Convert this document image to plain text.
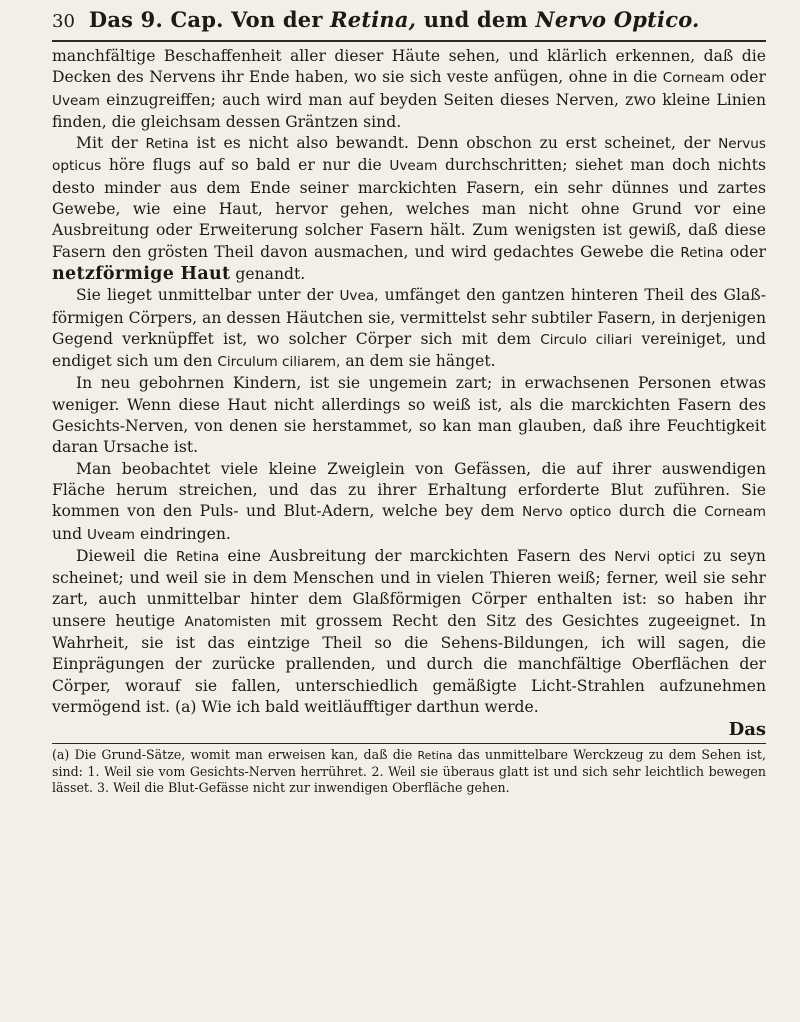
30 Das 9. Cap. Von der Retina, und dem Nervo Optico.

manchfältige Beschaffenheit aller dieser Häute sehen, und klärlich erkennen, daß die Decken des Nervens ihr Ende haben, wo sie sich veste anfügen, ohne in die Corneam oder Uveam einzugreiffen; auch wird man auf beyden Seiten dieses Nerven, zwo kleine Linien finden, die gleichsam dessen Gräntzen sind.

Mit der Retina ist es nicht also bewandt. Denn obschon zu erst scheinet, der Nervus opticus höre flugs auf so bald er nur die Uveam durchschritten; siehet man doch nichts desto minder aus dem Ende seiner marckichten Fasern, ein sehr dünnes und zartes Gewebe, wie eine Haut, hervor gehen, welches man nicht ohne Grund vor eine Ausbreitung oder Erweiterung solcher Fasern hält. Zum wenigsten ist gewiß, daß diese Fasern den grösten Theil davon ausmachen, und wird gedachtes Gewebe die Retina oder netzförmige Haut genandt.

Sie lieget unmittelbar unter der Uvea, umfänget den gantzen hinteren Theil des Glaß-förmigen Cörpers, an dessen Häutchen sie, vermittelst sehr subtiler Fasern, in derjenigen Gegend verknüpffet ist, wo solcher Cörper sich mit dem Circulo ciliari vereiniget, und endiget sich um den Circulum ciliarem, an dem sie hänget.

In neu gebohrnen Kindern, ist sie ungemein zart; in erwachsenen Personen etwas weniger. Wenn diese Haut nicht allerdings so weiß ist, als die marckichten Fasern des Gesichts-Nerven, von denen sie herstammet, so kan man glauben, daß ihre Feuchtigkeit daran Ursache ist.

Man beobachtet viele kleine Zweiglein von Gefässen, die auf ihrer auswendigen Fläche herum streichen, und das zu ihrer Erhaltung erforderte Blut zuführen. Sie kommen von den Puls- und Blut-Adern, welche bey dem Nervo optico durch die Corneam und Uveam eindringen.

Dieweil die Retina eine Ausbreitung der marckichten Fasern des Nervi optici zu seyn scheinet; und weil sie in dem Menschen und in vielen Thieren weiß; ferner, weil sie sehr zart, auch unmittelbar hinter dem Glaßförmigen Cörper enthalten ist: so haben ihr unsere heutige Anatomisten mit grossem Recht den Sitz des Gesichtes zugeeignet. In Wahrheit, sie ist das eintzige Theil so die Sehens-Bildungen, ich will sagen, die Einprägungen der zurücke prallenden, und durch die manchfältige Oberflächen der Cörper, worauf sie fallen, unterschiedlich gemäßigte Licht-Strahlen aufzunehmen vermögend ist. (a) Wie ich bald weitläufftiger darthun werde.

Das
(a) Die Grund-Sätze, womit man erweisen kan, daß die Retina das unmittelbare Werckzeug zu dem Sehen ist, sind: 1. Weil sie vom Gesichts-Nerven herrühret. 2. Weil sie überaus glatt ist und sich sehr leichtlich bewegen lässet. 3. Weil die Blut-Gefässe nicht zur inwendigen Oberfläche gehen.
